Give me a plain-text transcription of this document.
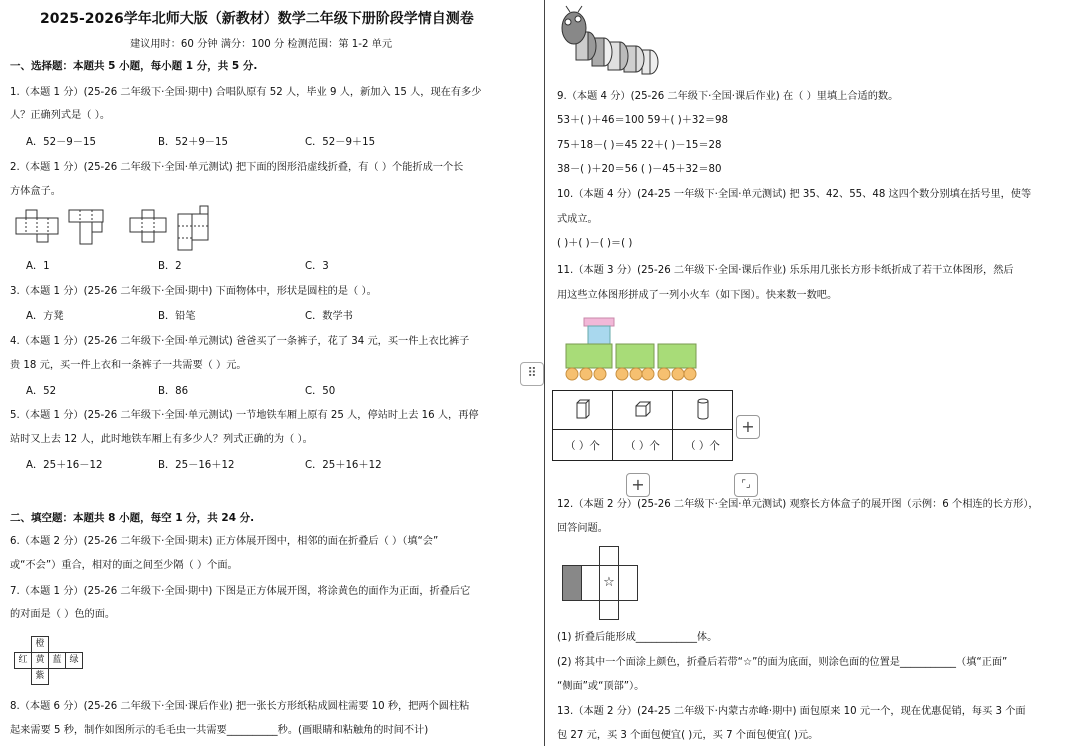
2025-2026学年北师大版（新教材）数学二年级下册阶段学情自测卷
建议用时：60 分钟 满分：100 分 检测范围：第 1-2 单元
一、选择题：本题共 5 小题，每小题 1 分，共 5 分.
1.（本题 1 分）(25-26 二年级下·全国·期中) 合唱队原有 52 人，毕业 9 人，新加入 15 人，现在有多少
人？正确列式是（ ）。
A．52－9－15	B．52＋9－15	C．52－9＋15
2.（本题 1 分）(25-26 二年级下·全国·单元测试) 把下面的图形沿虚线折叠，有（ ）个能折成一个长
方体盒子。
A．1	B．2	C．3
3.（本题 1 分）(25-26 二年级下·全国·期中) 下面物体中，形状是圆柱的是（ ）。
A．方凳	B．铅笔	C．数学书
4.（本题 1 分）(25-26 二年级下·全国·单元测试) 爸爸买了一条裤子，花了 34 元，买一件上衣比裤子
贵 18 元，买一件上衣和一条裤子一共需要（ ）元。
A．52	B．86	C．50
5.（本题 1 分）(25-26 二年级下·全国·单元测试) 一节地铁车厢上原有 25 人，停站时上去 16 人，再停
站时又上去 12 人，此时地铁车厢上有多少人？列式正确的为（ ）。
A．25＋16－12	B．25－16＋12	C．25＋16＋12
二、填空题：本题共 8 小题，每空 1 分，共 24 分.
6.（本题 2 分）(25-26 二年级下·全国·期末) 正方体展开图中，相邻的面在折叠后（ ）（填“会”
或“不会”）重合，相对的面之间至少隔（ ）个面。
7.（本题 1 分）(25-26 二年级下·全国·期中) 下图是正方体展开图，将涂黄色的面作为正面，折叠后它
的对面是（ ）色的面。
橙
红 黄 蓝 绿
紫
8.（本题 6 分）(25-26 二年级下·全国·课后作业) 把一张长方形纸粘成圆柱需要 10 秒，把两个圆柱粘
起来需要 5 秒，制作如图所示的毛毛虫一共需要__________秒。(画眼睛和粘触角的时间不计)
⠿
9.（本题 4 分）(25-26 二年级下·全国·课后作业) 在（ ）里填上合适的数。
53＋( )＋46＝100 59＋( )＋32＝98
75＋18－( )＝45 22＋( )－15＝28
38－( )＋20＝56 ( )－45＋32＝80
10.（本题 4 分）(24-25 一年级下·全国·单元测试) 把 35、42、55、48 这四个数分别填在括号里，使等
式成立。
( )＋( )－( )＝( )
11.（本题 3 分）(25-26 二年级下·全国·课后作业) 乐乐用几张长方形卡纸折成了若干立体图形，然后
用这些立体图形拼成了一列小火车（如下图）。快来数一数吧。

（ ）个	（ ）个	（ ）个
+
+	⌜⌟
12.（本题 2 分）(25-26 二年级下·全国·单元测试) 观察长方体盒子的展开图（示例：6 个相连的长方形），
回答问题。
☆
(1) 折叠后能形成____________体。
(2) 将其中一个面涂上颜色，折叠后若带“☆”的面为底面，则涂色面的位置是___________（填“正面”
“侧面”或“顶部”）。
13.（本题 2 分）(24-25 二年级下·内蒙古赤峰·期中) 面包原来 10 元一个，现在优惠促销，每买 3 个面
包 27 元，买 3 个面包便宜( )元，买 7 个面包便宜( )元。
